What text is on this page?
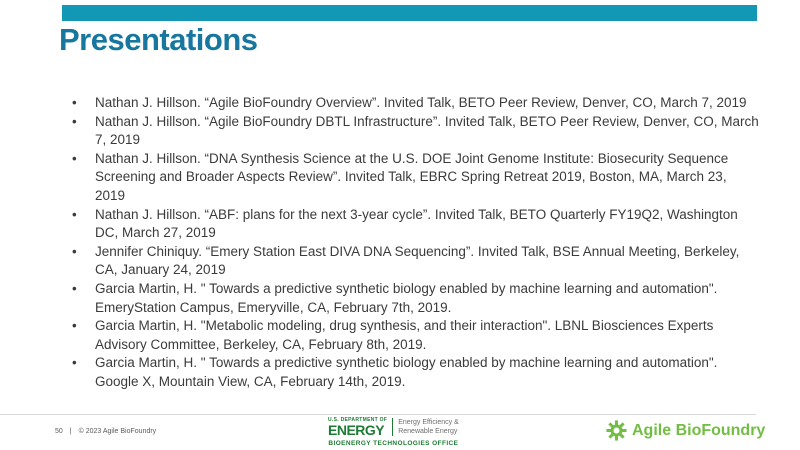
Presentations
• Nathan J. Hillson. “Agile BioFoundry Overview”. Invited Talk, BETO Peer Review, Denver, CO, March 7, 2019
• Nathan J. Hillson. “Agile BioFoundry DBTL Infrastructure”. Invited Talk, BETO Peer Review, Denver, CO, March 7, 2019
• Nathan J. Hillson. “DNA Synthesis Science at the U.S. DOE Joint Genome Institute: Biosecurity Sequence Screening and Broader Aspects Review”. Invited Talk, EBRC Spring Retreat 2019, Boston, MA, March 23, 2019
• Nathan J. Hillson. “ABF: plans for the next 3-year cycle”. Invited Talk, BETO Quarterly FY19Q2, Washington DC, March 27, 2019
• Jennifer Chiniquy. “Emery Station East DIVA DNA Sequencing”. Invited Talk, BSE Annual Meeting, Berkeley, CA, January 24, 2019
• Garcia Martin, H. " Towards a predictive synthetic biology enabled by machine learning and automation". EmeryStation Campus, Emeryville, CA, February 7th, 2019.
• Garcia Martin, H. "Metabolic modeling, drug synthesis, and their interaction". LBNL Biosciences Experts Advisory Committee, Berkeley, CA, February 8th, 2019.
• Garcia Martin, H. " Towards a predictive synthetic biology enabled by machine learning and automation". Google X, Mountain View, CA, February 14th, 2019.
50 | © 2023 Agile BioFoundry
U.S. DEPARTMENT OF
ENERGY Energy Efficiency &
Renewable Energy
BIOENERGY TECHNOLOGIES OFFICE
Agile BioFoundry
